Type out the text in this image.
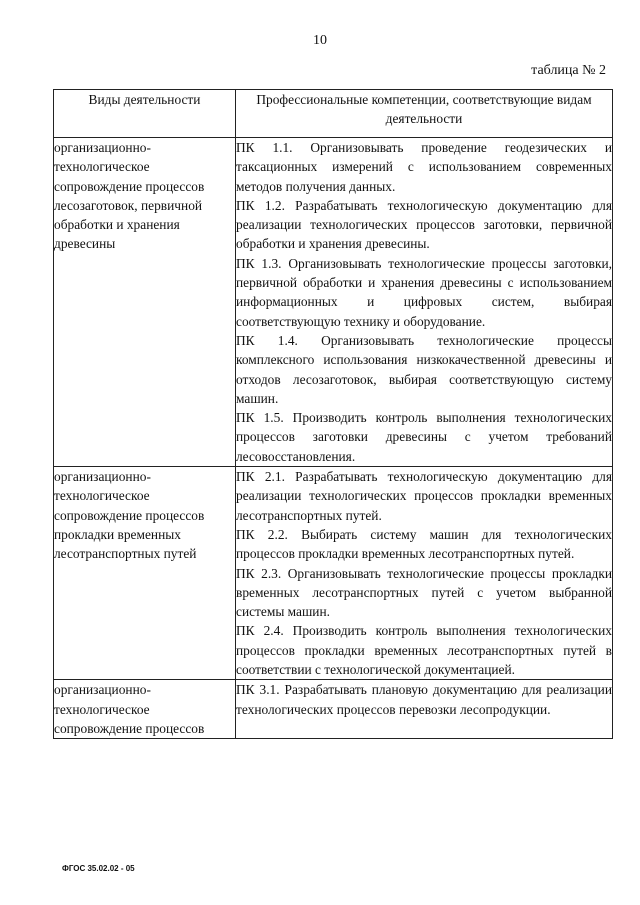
10
таблица № 2
Виды деятельности	Профессиональные компетенции, соответствующие видам деятельности
организационно-технологическое сопровождение процессов лесозаготовок, первичной обработки и хранения древесины	ПК 1.1. Организовывать проведение геодезических и таксационных измерений с использованием современных методов получения данных.

ПК 1.2. Разрабатывать технологическую документацию для реализации технологических процессов заготовки, первичной обработки и хранения древесины.

ПК 1.3. Организовывать технологические процессы заготовки, первичной обработки и хранения древесины с использованием информационных и цифровых систем, выбирая соответствующую технику и оборудование.

ПК 1.4. Организовывать технологические процессы комплексного использования низкокачественной древесины и отходов лесозаготовок, выбирая соответствующую систему машин.

ПК 1.5. Производить контроль выполнения технологических процессов заготовки древесины с учетом требований лесовосстановления.

организационно-технологическое сопровождение процессов прокладки временных лесотранспортных путей	ПК 2.1. Разрабатывать технологическую документацию для реализации технологических процессов прокладки временных лесотранспортных путей.

ПК 2.2. Выбирать систему машин для технологических процессов прокладки временных лесотранспортных путей.

ПК 2.3. Организовывать технологические процессы прокладки временных лесотранспортных путей с учетом выбранной системы машин.

ПК 2.4. Производить контроль выполнения технологических процессов прокладки временных лесотранспортных путей в соответствии с технологической документацией.

организационно-технологическое сопровождение процессов	ПК 3.1. Разрабатывать плановую документацию для реализации технологических процессов перевозки лесопродукции.

ФГОС 35.02.02 - 05
